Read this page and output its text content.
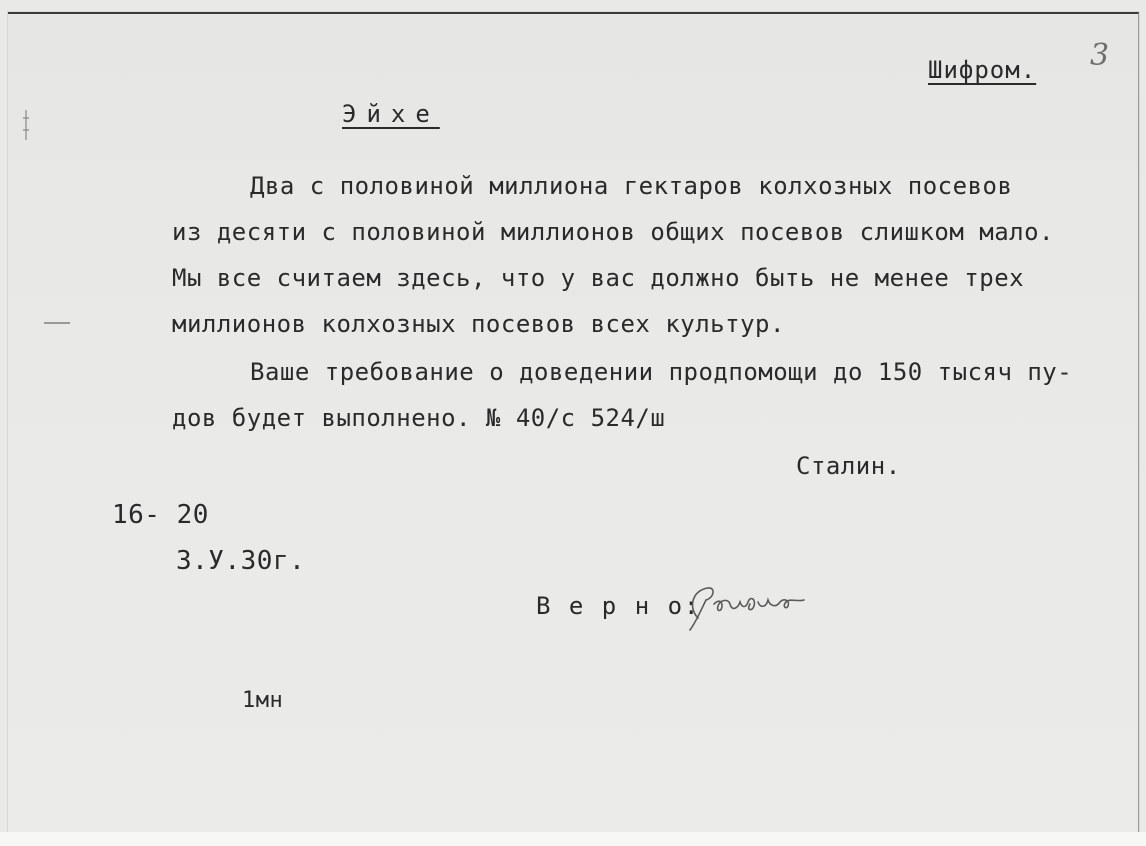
3
Шифром.
Эйхе
Два с половиной миллиона гектаров колхозных посевов
из десяти с половиной миллионов общих посевов слишком мало.
Мы все считаем здесь, что у вас должно быть не менее трех
миллионов колхозных посевов всех культур.
Ваше требование о доведении продпомощи до 150 тысяч пу-
дов будет выполнено. № 40/с 524/ш
Сталин.
16- 20
3.У.30г.
В е р н о:
1мн
